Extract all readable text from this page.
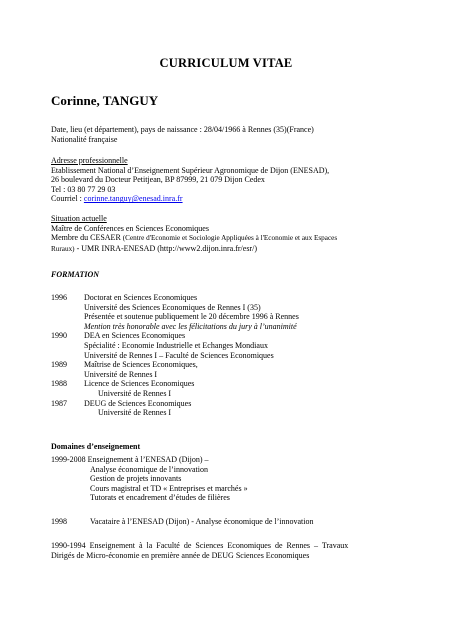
CURRICULUM VITAE
Corinne, TANGUY
Date, lieu (et département), pays de naissance : 28/04/1966 à Rennes (35)(France)
Nationalité française
Adresse professionnelle
Etablissement National d’Enseignement Supérieur Agronomique de Dijon (ENESAD),
26 boulevard du Docteur Petitjean, BP 87999, 21 079 Dijon Cedex
Tel : 03 80 77 29 03
Courriel : corinne.tanguy@enesad.inra.fr
Situation actuelle
Maître de Conférences en Sciences Economiques
Membre du CESAER (Centre d'Economie et Sociologie Appliquées à l'Economie et aux Espaces
Ruraux) - UMR INRA-ENESAD (http://www2.dijon.inra.fr/esr/)
FORMATION
1996 Doctorat en Sciences Economiques
Université des Sciences Economiques de Rennes I (35)
Présentée et soutenue publiquement le 20 décembre 1996 à Rennes
Mention très honorable avec les félicitations du jury à l’unanimité
1990 DEA en Sciences Economiques
Spécialité : Economie Industrielle et Echanges Mondiaux
Université de Rennes I – Faculté de Sciences Economiques
1989 Maîtrise de Sciences Economiques,
Université de Rennes I
1988 Licence de Sciences Economiques
Université de Rennes I
1987 DEUG de Sciences Economiques
Université de Rennes I
Domaines d’enseignement
1999-2008 Enseignement à l’ENESAD (Dijon) –
Analyse économique de l’innovation
Gestion de projets innovants
Cours magistral et TD « Entreprises et marchés »
Tutorats et encadrement d’études de filières
1998	Vacataire à l’ENESAD (Dijon) - Analyse économique de l’innovation
1990-1994  Enseignement  à  la  Faculté  de  Sciences  Economiques  de  Rennes  –  Travaux
Dirigés de Micro-économie en première année de DEUG Sciences Economiques
